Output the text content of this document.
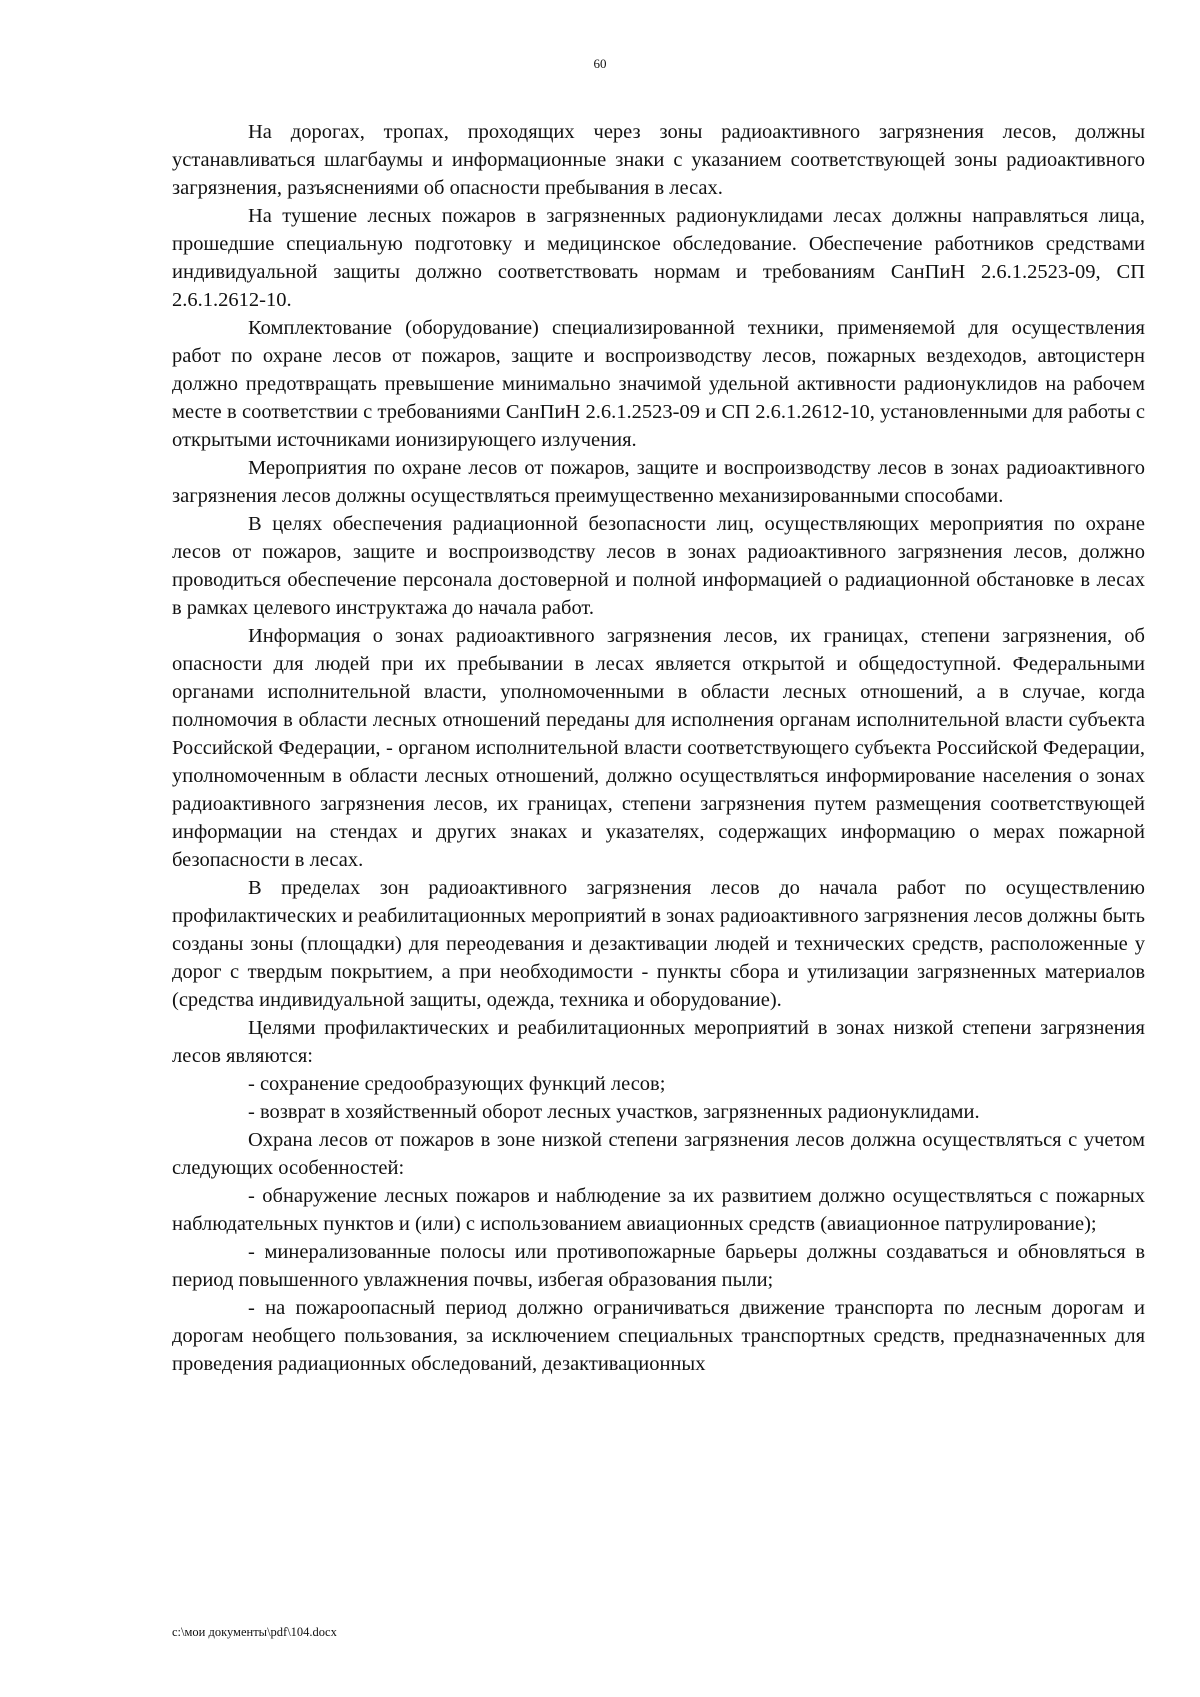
60

На дорогах, тропах, проходящих через зоны радиоактивного загрязнения лесов, должны устанавливаться шлагбаумы и информационные знаки с указанием соответствующей зоны радиоактивного загрязнения, разъяснениями об опасности пребывания в лесах.

На тушение лесных пожаров в загрязненных радионуклидами лесах должны направляться лица, прошедшие специальную подготовку и медицинское обследование. Обеспечение работников средствами индивидуальной защиты должно соответствовать нормам и требованиям СанПиН 2.6.1.2523-09, СП 2.6.1.2612-10.

Комплектование (оборудование) специализированной техники, применяемой для осуществления работ по охране лесов от пожаров, защите и воспроизводству лесов, пожарных вездеходов, автоцистерн должно предотвращать превышение минимально значимой удельной активности радионуклидов на рабочем месте в соответствии с требованиями СанПиН 2.6.1.2523-09 и СП 2.6.1.2612-10, установленными для работы с открытыми источниками ионизирующего излучения.

Мероприятия по охране лесов от пожаров, защите и воспроизводству лесов в зонах радиоактивного загрязнения лесов должны осуществляться преимущественно механизированными способами.

В целях обеспечения радиационной безопасности лиц, осуществляющих мероприятия по охране лесов от пожаров, защите и воспроизводству лесов в зонах радиоактивного загрязнения лесов, должно проводиться обеспечение персонала достоверной и полной информацией о радиационной обстановке в лесах в рамках целевого инструктажа до начала работ.

Информация о зонах радиоактивного загрязнения лесов, их границах, степени загрязнения, об опасности для людей при их пребывании в лесах является открытой и общедоступной. Федеральными органами исполнительной власти, уполномоченными в области лесных отношений, а в случае, когда полномочия в области лесных отношений переданы для исполнения органам исполнительной власти субъекта Российской Федерации, - органом исполнительной власти соответствующего субъекта Российской Федерации, уполномоченным в области лесных отношений, должно осуществляться информирование населения о зонах радиоактивного загрязнения лесов, их границах, степени загрязнения путем размещения соответствующей информации на стендах и других знаках и указателях, содержащих информацию о мерах пожарной безопасности в лесах.

В пределах зон радиоактивного загрязнения лесов до начала работ по осуществлению профилактических и реабилитационных мероприятий в зонах радиоактивного загрязнения лесов должны быть созданы зоны (площадки) для переодевания и дезактивации людей и технических средств, расположенные у дорог с твердым покрытием, а при необходимости - пункты сбора и утилизации загрязненных материалов (средства индивидуальной защиты, одежда, техника и оборудование).

Целями профилактических и реабилитационных мероприятий в зонах низкой степени загрязнения лесов являются:

- сохранение средообразующих функций лесов;

- возврат в хозяйственный оборот лесных участков, загрязненных радионуклидами.

Охрана лесов от пожаров в зоне низкой степени загрязнения лесов должна осуществляться с учетом следующих особенностей:

- обнаружение лесных пожаров и наблюдение за их развитием должно осуществляться с пожарных наблюдательных пунктов и (или) с использованием авиационных средств (авиационное патрулирование);

- минерализованные полосы или противопожарные барьеры должны создаваться и обновляться в период повышенного увлажнения почвы, избегая образования пыли;

- на пожароопасный период должно ограничиваться движение транспорта по лесным дорогам и дорогам необщего пользования, за исключением специальных транспортных средств, предназначенных для проведения радиационных обследований, дезактивационных

c:\мои документы\pdf\104.docx
